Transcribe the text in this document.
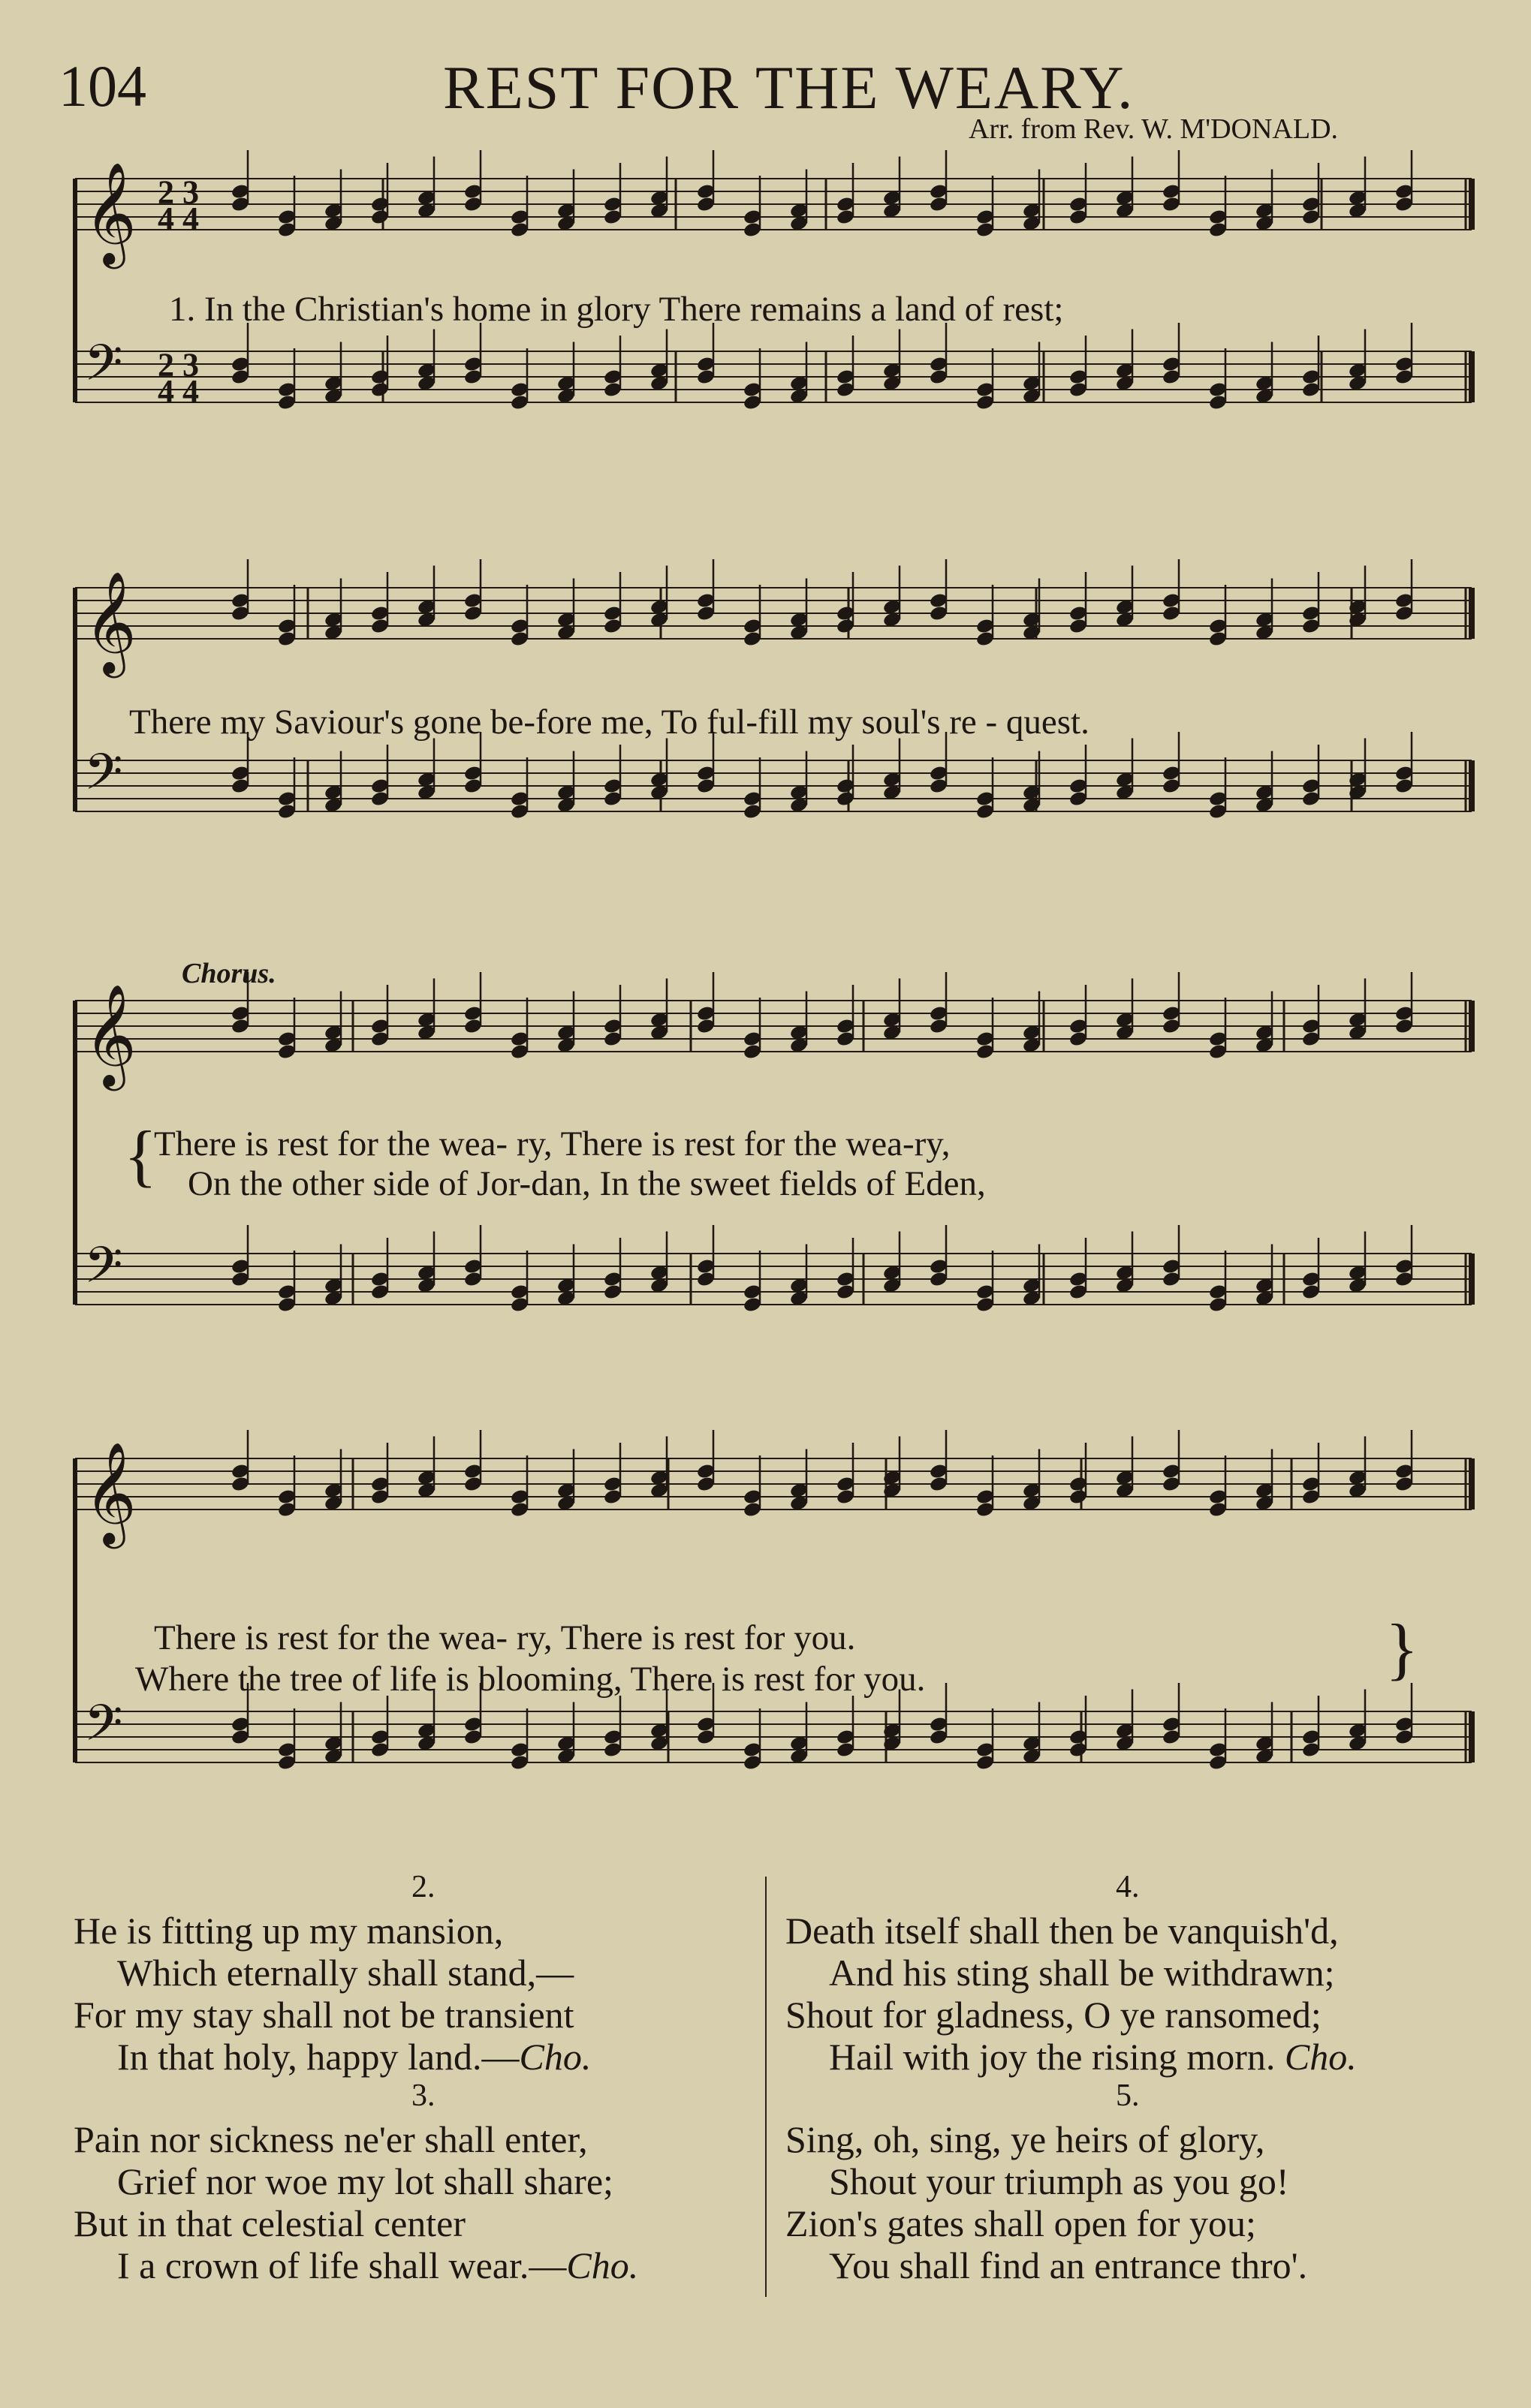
104	REST FOR THE WEARY.
Arr. from Rev. W. M'DONALD.
𝄞 2 3
4 4
𝄢 2 3
4 4
1. In the Christian's home in glory There remains a land of rest;
𝄞
𝄢
There my Saviour's gone be-fore me, To ful-fill my soul's re - quest.
Chorus.
𝄞
𝄢
{
There is rest for the wea- ry, There is rest for the wea-ry,
On the other side of Jor-dan, In the sweet fields of Eden,
𝄞
𝄢
There is rest for the wea- ry, There is rest for you.
Where the tree of life is blooming, There is rest for you.	}
2.
He is fitting up my mansion,
Which eternally shall stand,—
For my stay shall not be transient
In that holy, happy land.—Cho.
3.
Pain nor sickness ne'er shall enter,
Grief nor woe my lot shall share;
But in that celestial center
I a crown of life shall wear.—Cho.
4.
Death itself shall then be vanquish'd,
And his sting shall be withdrawn;
Shout for gladness, O ye ransomed;
Hail with joy the rising morn. Cho.
5.
Sing, oh, sing, ye heirs of glory,
Shout your triumph as you go!
Zion's gates shall open for you;
You shall find an entrance thro'.
